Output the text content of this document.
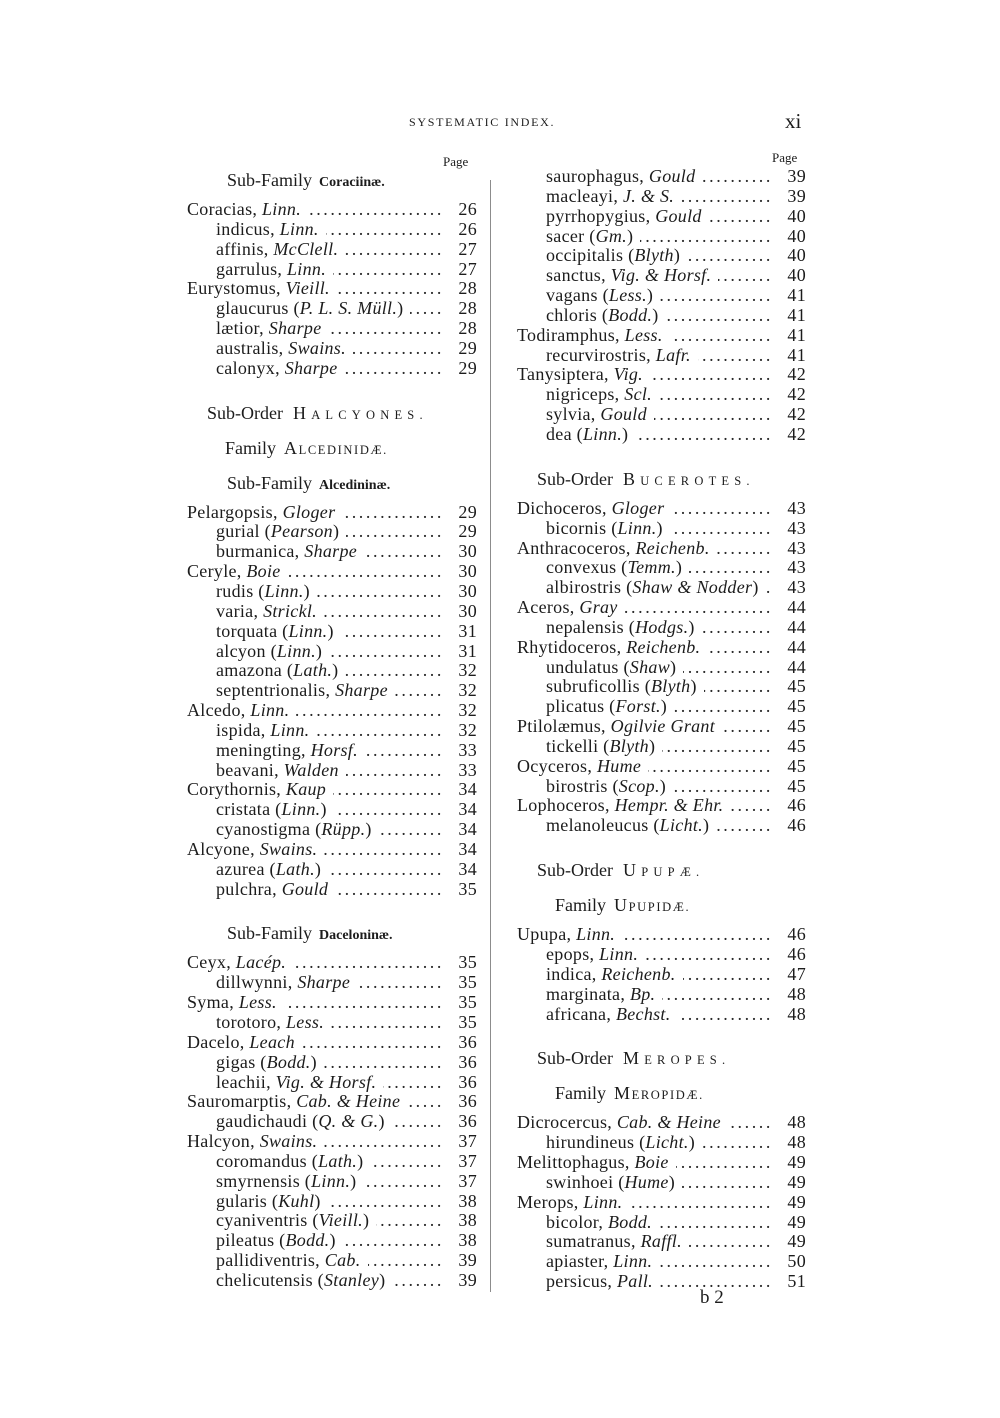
SYSTEMATIC INDEX.	xi
Page	Page
Sub-Family Coraciinæ.
Coracias, Linn. .....	26
indicus, Linn. .....	26
affinis, McClell. .....	27
garrulus, Linn. .....	27
Eurystomus, Vieill. .....	28
glaucurus (P. L. S. Müll.) .....	28
lætior, Sharpe .....	28
australis, Swains. .....	29
calonyx, Sharpe .....	29
Sub-Order HALCYONES.
Family ALCEDINIDÆ.
Sub-Family Alcedininæ.
Pelargopsis, Gloger .....	29
gurial (Pearson) .....	29
burmanica, Sharpe .....	30
Ceryle, Boie .....	30
rudis (Linn.) .....	30
varia, Strickl. .....	30
torquata (Linn.) .....	31
alcyon (Linn.) .....	31
amazona (Lath.) .....	32
septentrionalis, Sharpe .....	32
Alcedo, Linn. .....	32
ispida, Linn. .....	32
meningting, Horsf. .....	33
beavani, Walden .....	33
Corythornis, Kaup .....	34
cristata (Linn.) .....	34
cyanostigma (Rüpp.) .....	34
Alcyone, Swains. .....	34
azurea (Lath.) .....	34
pulchra, Gould .....	35
Sub-Family Daceloninæ.
Ceyx, Lacép. .....	35
dillwynni, Sharpe .....	35
Syma, Less. .....	35
torotoro, Less. .....	35
Dacelo, Leach .....	36
gigas (Bodd.) .....	36
leachii, Vig. & Horsf. .....	36
Sauromarptis, Cab. & Heine .....	36
gaudichaudi (Q. & G.) .....	36
Halcyon, Swains. .....	37
coromandus (Lath.) .....	37
smyrnensis (Linn.) .....	37
gularis (Kuhl) .....	38
cyaniventris (Vieill.) .....	38
pileatus (Bodd.) .....	38
pallidiventris, Cab. .....	39
chelicutensis (Stanley) .....	39
saurophagus, Gould .....	39
macleayi, J. & S. .....	39
pyrrhopygius, Gould .....	40
sacer (Gm.) .....	40
occipitalis (Blyth) .....	40
sanctus, Vig. & Horsf. .....	40
vagans (Less.) .....	41
chloris (Bodd.) .....	41
Todiramphus, Less. .....	41
recurvirostris, Lafr. .....	41
Tanysiptera, Vig. .....	42
nigriceps, Scl. .....	42
sylvia, Gould .....	42
dea (Linn.) .....	42
Sub-Order BUCEROTES.
Dichoceros, Gloger .....	43
bicornis (Linn.) .....	43
Anthracoceros, Reichenb. .....	43
convexus (Temm.) .....	43
albirostris (Shaw & Nodder) ..... 43
Aceros, Gray .....	44
nepalensis (Hodgs.) .....	44
Rhytidoceros, Reichenb. .....	44
undulatus (Shaw) .....	44
subruficollis (Blyth) .....	45
plicatus (Forst.) .....	45
Ptilolæmus, Ogilvie Grant .....	45
tickelli (Blyth) .....	45
Ocyceros, Hume .....	45
birostris (Scop.) .....	45
Lophoceros, Hempr. & Ehr. .....	46
melanoleucus (Licht.) .....	46
Sub-Order UPUPÆ.
Family UPUPIDÆ.
Upupa, Linn. .....	46
epops, Linn. .....	46
indica, Reichenb. .....	47
marginata, Bp. .....	48
africana, Bechst. .....	48
Sub-Order MEROPES.
Family MEROPIDÆ.
Dicrocercus, Cab. & Heine .....	48
hirundineus (Licht.) .....	48
Melittophagus, Boie .....	49
swinhoei (Hume) .....	49
Merops, Linn. .....	49
bicolor, Bodd. .....	49
sumatranus, Raffl. .....	49
apiaster, Linn. .....	50
persicus, Pall. .....	51
b 2
